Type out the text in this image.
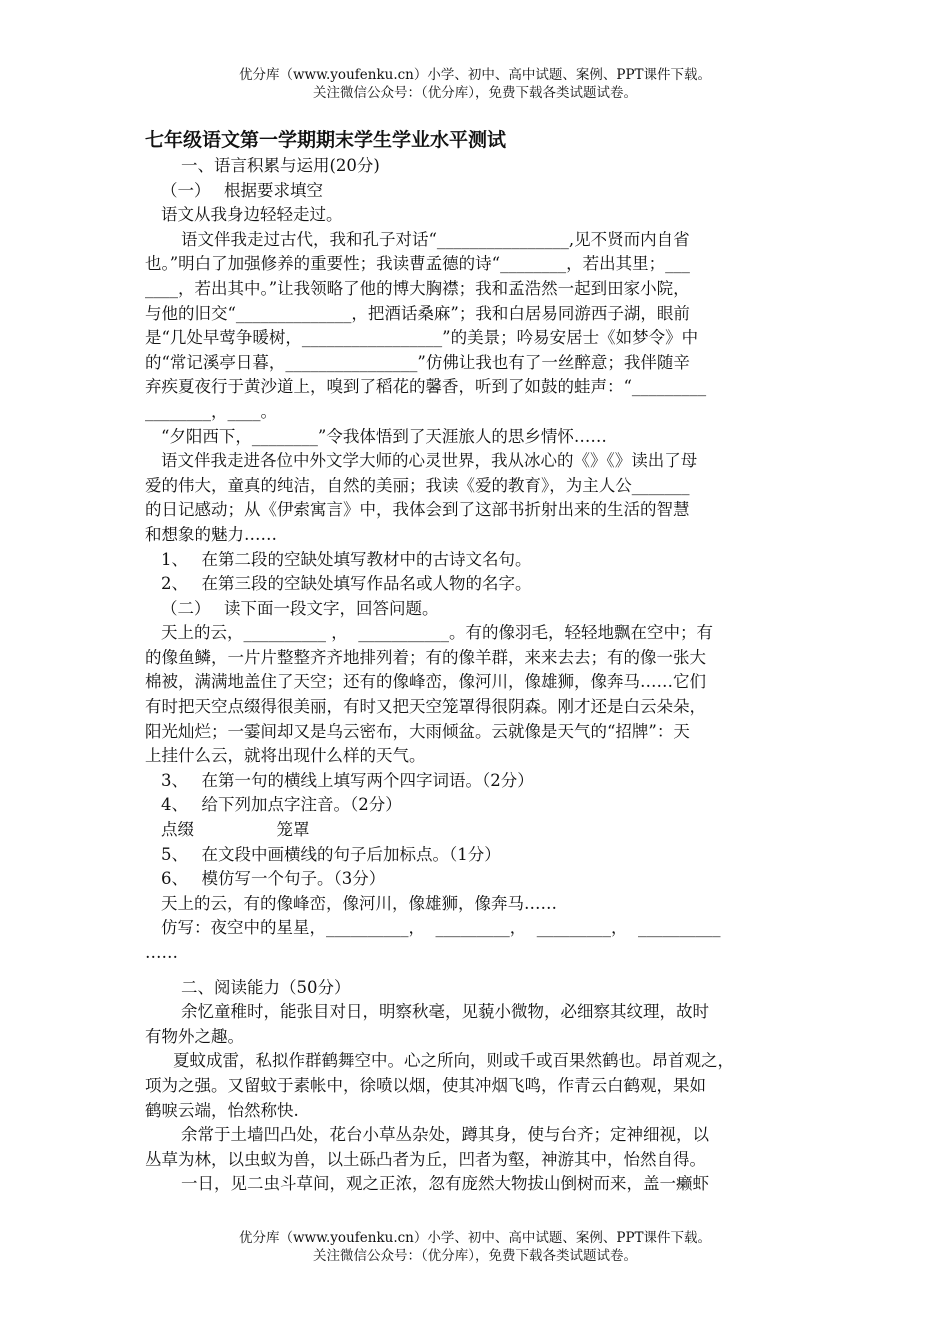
优分库（www.youfenku.cn）小学、初中、高中试题、案例、PPT课件下载。
关注微信公众号：（优分库），免费下载各类试题试卷。
七年级语文第一学期期末学生学业水平测试

一、语言积累与运用(20分)

（一）　 根据要求填空

语文从我身边轻轻走过。

语文伴我走过古代，我和孔子对话“________________,见不贤而内自省

也。”明白了加强修养的重要性；我读曹孟德的诗“________，若出其里；___

____，若出其中。”让我领略了他的博大胸襟；我和孟浩然一起到田家小院，

与他的旧交“______________，把酒话桑麻”；我和白居易同游西子湖，眼前

是“几处早莺争暖树，_________________”的美景；吟易安居士《如梦令》中

的“常记溪亭日暮，________________”仿佛让我也有了一丝醉意；我伴随辛

弃疾夏夜行于黄沙道上，嗅到了稻花的馨香，听到了如鼓的蛙声：“_________

________，____。

“夕阳西下，________”令我体悟到了天涯旅人的思乡情怀……

语文伴我走进各位中外文学大师的心灵世界，我从冰心的《》《》读出了母

爱的伟大，童真的纯洁，自然的美丽；我读《爱的教育》，为主人公_______

的日记感动；从《伊索寓言》中，我体会到了这部书折射出来的生活的智慧

和想象的魅力……

1、　 在第二段的空缺处填写教材中的古诗文名句。

2、　 在第三段的空缺处填写作品名或人物的名字。

（二）　 读下面一段文字，回答问题。

天上的云，__________ ，  ___________。有的像羽毛，轻轻地飘在空中；有

的像鱼鳞，一片片整整齐齐地排列着；有的像羊群，来来去去；有的像一张大

棉被，满满地盖住了天空；还有的像峰峦，像河川，像雄狮，像奔马……它们

有时把天空点缀得很美丽，有时又把天空笼罩得很阴森。刚才还是白云朵朵，

阳光灿烂；一霎间却又是乌云密布，大雨倾盆。云就像是天气的“招牌”：天

上挂什么云，就将出现什么样的天气。

3、　 在第一句的横线上填写两个四字词语。（2分）

4、　 给下列加点字注音。（2分）

点缀　　　　　笼罩

5、　 在文段中画横线的句子后加标点。（1分）

6、　 模仿写一个句子。（3分）

天上的云，有的像峰峦，像河川，像雄狮，像奔马……

仿写：夜空中的星星，__________，  _________，  _________，  __________

……

二、阅读能力（50分）

余忆童稚时，能张目对日，明察秋毫，见藐小微物，必细察其纹理，故时

有物外之趣。

夏蚊成雷，私拟作群鹤舞空中。心之所向，则或千或百果然鹤也。昂首观之，

项为之强。又留蚊于素帐中，徐喷以烟，使其冲烟飞鸣，作青云白鹤观，果如

鹤唳云端，怡然称快.

余常于土墙凹凸处，花台小草丛杂处，蹲其身，使与台齐；定神细视，以

丛草为林，以虫蚁为兽，以土砾凸者为丘，凹者为壑，神游其中，怡然自得。

一日，见二虫斗草间，观之正浓，忽有庞然大物拔山倒树而来，盖一癞虾

优分库（www.youfenku.cn）小学、初中、高中试题、案例、PPT课件下载。
关注微信公众号：（优分库），免费下载各类试题试卷。
